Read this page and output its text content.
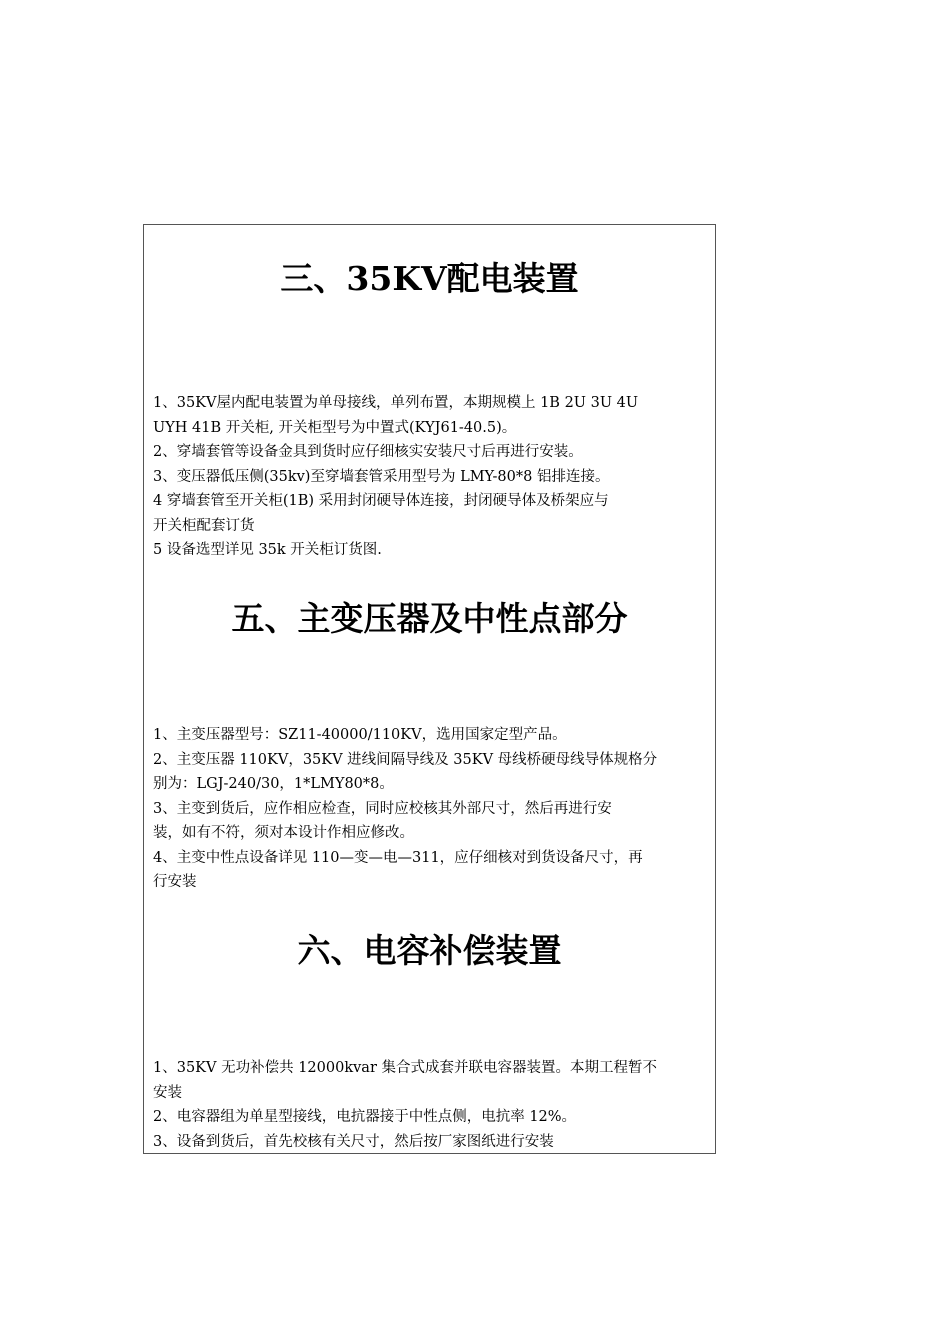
三、35KV配电装置
1、35KV屋内配电装置为单母接线，单列布置，本期规模上 1B 2U 3U 4U
UYH 41B 开关柜, 开关柜型号为中置式(KYJ61-40.5)。
2、穿墙套管等设备金具到货时应仔细核实安装尺寸后再进行安装。
3、变压器低压侧(35kv)至穿墙套管采用型号为 LMY-80*8 铝排连接。
4 穿墙套管至开关柜(1B) 采用封闭硬导体连接，封闭硬导体及桥架应与
开关柜配套订货
5 设备选型详见 35k 开关柜订货图.
五、主变压器及中性点部分
1、主变压器型号：SZ11-40000/110KV，选用国家定型产品。
2、主变压器 110KV，35KV 进线间隔导线及 35KV 母线桥硬母线导体规格分
别为：LGJ-240/30，1*LMY80*8。
3、主变到货后，应作相应检查，同时应校核其外部尺寸，然后再进行安
装，如有不符，须对本设计作相应修改。
4、主变中性点设备详见 110—变—电—311，应仔细核对到货设备尺寸，再
行安装
六、电容补偿装置
1、35KV 无功补偿共 12000kvar 集合式成套并联电容器装置。本期工程暂不
安装
2、电容器组为单星型接线，电抗器接于中性点侧，电抗率 12%。
3、设备到货后，首先校核有关尺寸，然后按厂家图纸进行安装
